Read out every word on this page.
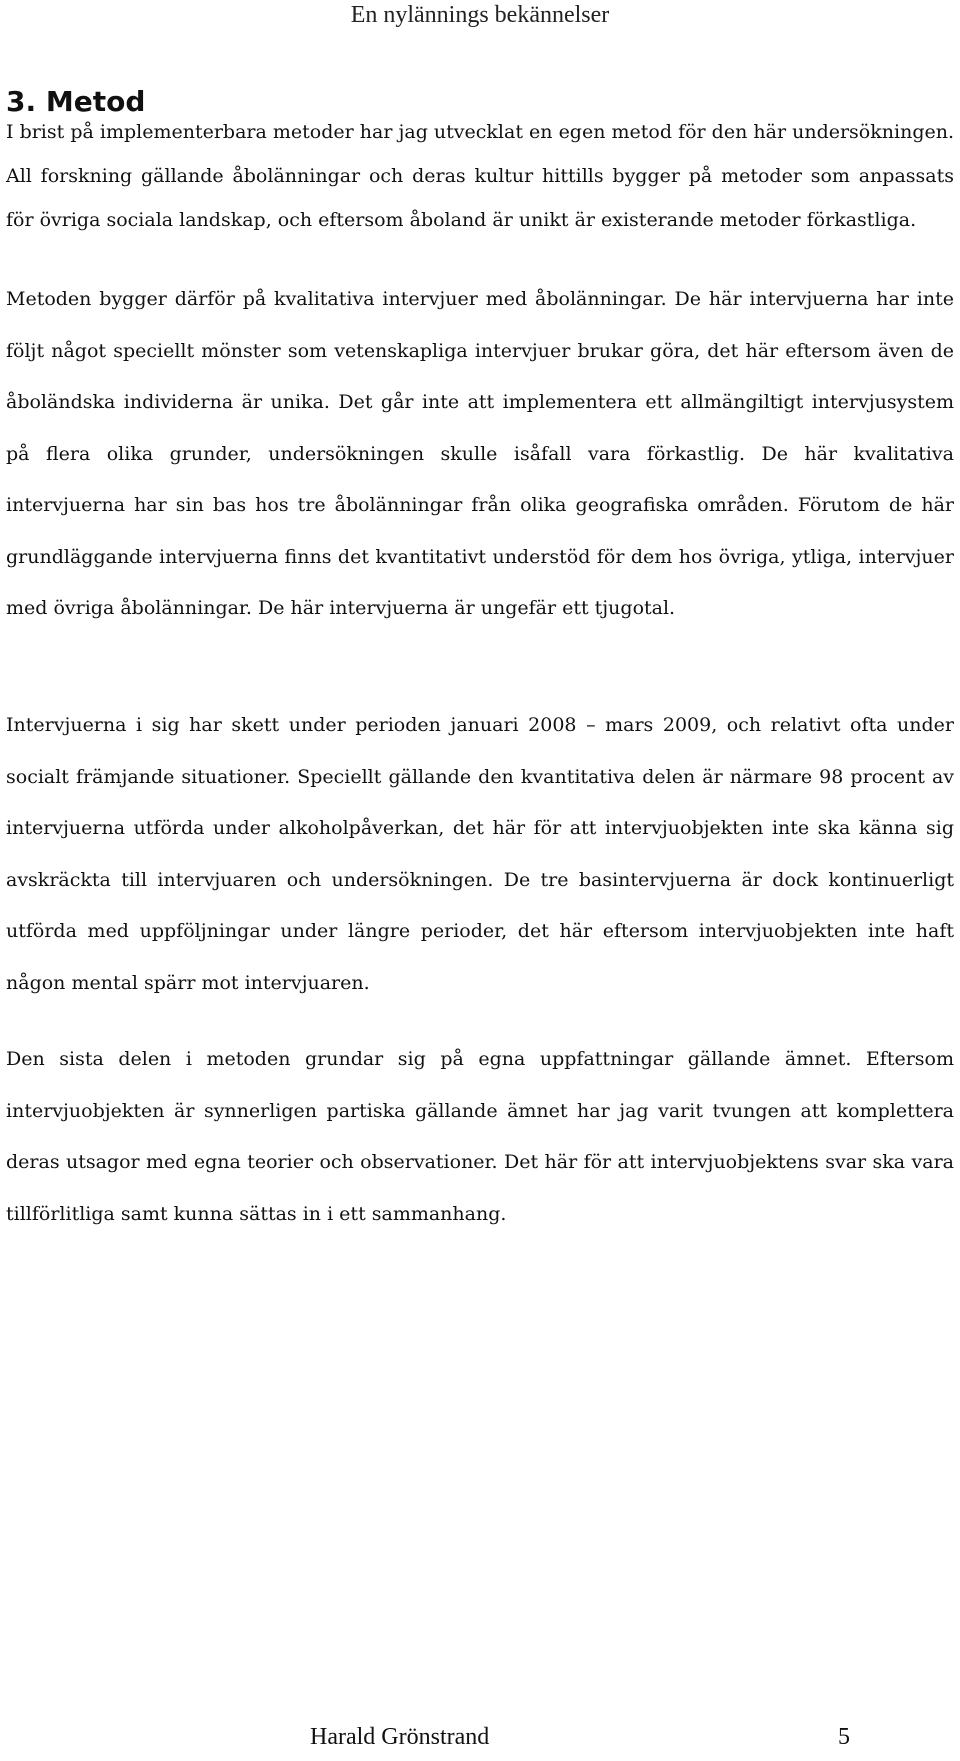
En nylännings bekännelser
3. Metod

I brist på implementerbara metoder har jag utvecklat en egen metod för den här undersökningen. All forskning gällande åbolänningar och deras kultur hittills bygger på metoder som anpassats för övriga sociala landskap, och eftersom åboland är unikt är existerande metoder förkastliga.

Metoden bygger därför på kvalitativa intervjuer med åbolänningar. De här intervjuerna har inte följt något speciellt mönster som vetenskapliga intervjuer brukar göra, det här eftersom även de åboländska individerna är unika. Det går inte att implementera ett allmängiltigt intervjusystem på flera olika grunder, undersökningen skulle isåfall vara förkastlig. De här kvalitativa intervjuerna har sin bas hos tre åbolänningar från olika geografiska områden. Förutom de här grundläggande intervjuerna finns det kvantitativt understöd för dem hos övriga, ytliga, intervjuer med övriga åbolänningar. De här intervjuerna är ungefär ett tjugotal.

Intervjuerna i sig har skett under perioden januari 2008 – mars 2009, och relativt ofta under socialt främjande situationer. Speciellt gällande den kvantitativa delen är närmare 98 procent av intervjuerna utförda under alkoholpåverkan, det här för att intervjuobjekten inte ska känna sig avskräckta till intervjuaren och undersökningen. De tre basintervjuerna är dock kontinuerligt utförda med uppföljningar under längre perioder, det här eftersom intervjuobjekten inte haft någon mental spärr mot intervjuaren.

Den sista delen i metoden grundar sig på egna uppfattningar gällande ämnet. Eftersom intervjuobjekten är synnerligen partiska gällande ämnet har jag varit tvungen att komplettera deras utsagor med egna teorier och observationer. Det här för att intervjuobjektens svar ska vara tillförlitliga samt kunna sättas in i ett sammanhang.

Harald Grönstrand	5
